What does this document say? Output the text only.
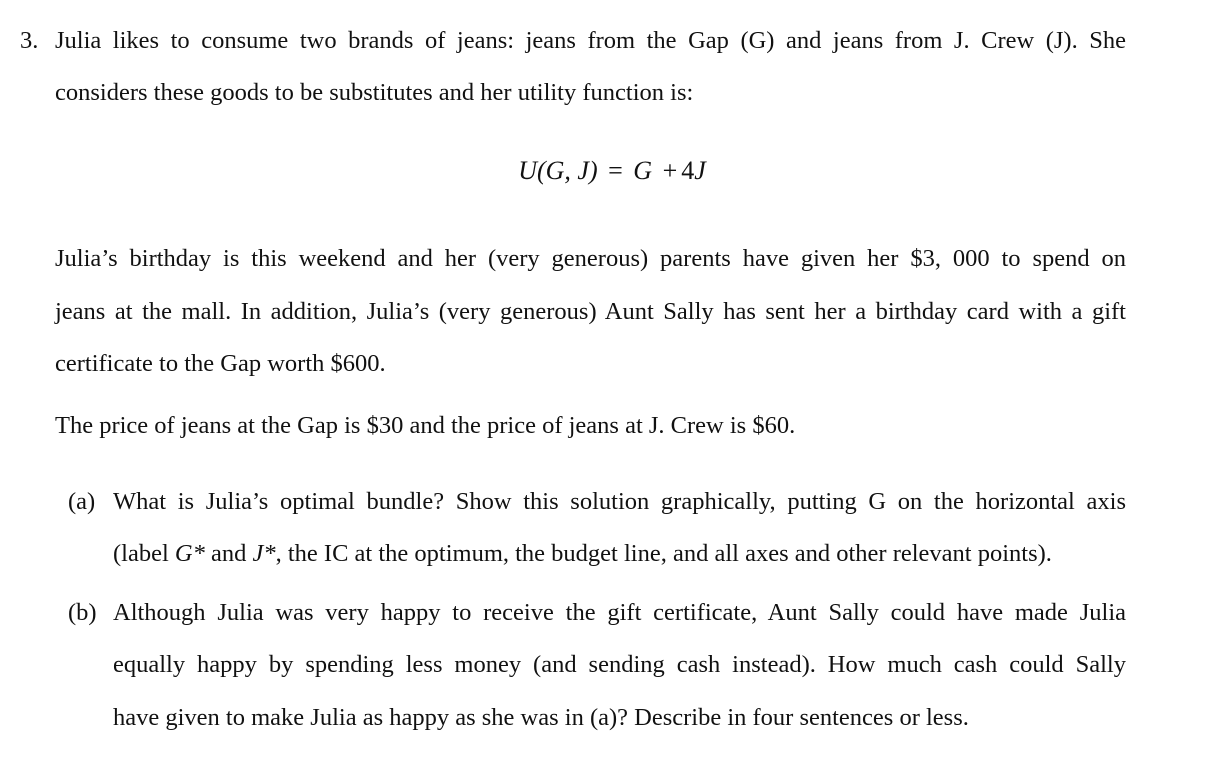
3. Julia likes to consume two brands of jeans: jeans from the Gap (G) and jeans from J. Crew (J). She
considers these goods to be substitutes and her utility function is:
U(G, J) = G + 4J
Julia’s birthday is this weekend and her (very generous) parents have given her $3, 000 to spend on
jeans at the mall. In addition, Julia’s (very generous) Aunt Sally has sent her a birthday card with a gift
certificate to the Gap worth $600.
The price of jeans at the Gap is $30 and the price of jeans at J. Crew is $60.
(a) What is Julia’s optimal bundle? Show this solution graphically, putting G on the horizontal axis
(label G* and J*, the IC at the optimum, the budget line, and all axes and other relevant points).
(b) Although Julia was very happy to receive the gift certificate, Aunt Sally could have made Julia
equally happy by spending less money (and sending cash instead). How much cash could Sally
have given to make Julia as happy as she was in (a)? Describe in four sentences or less.
